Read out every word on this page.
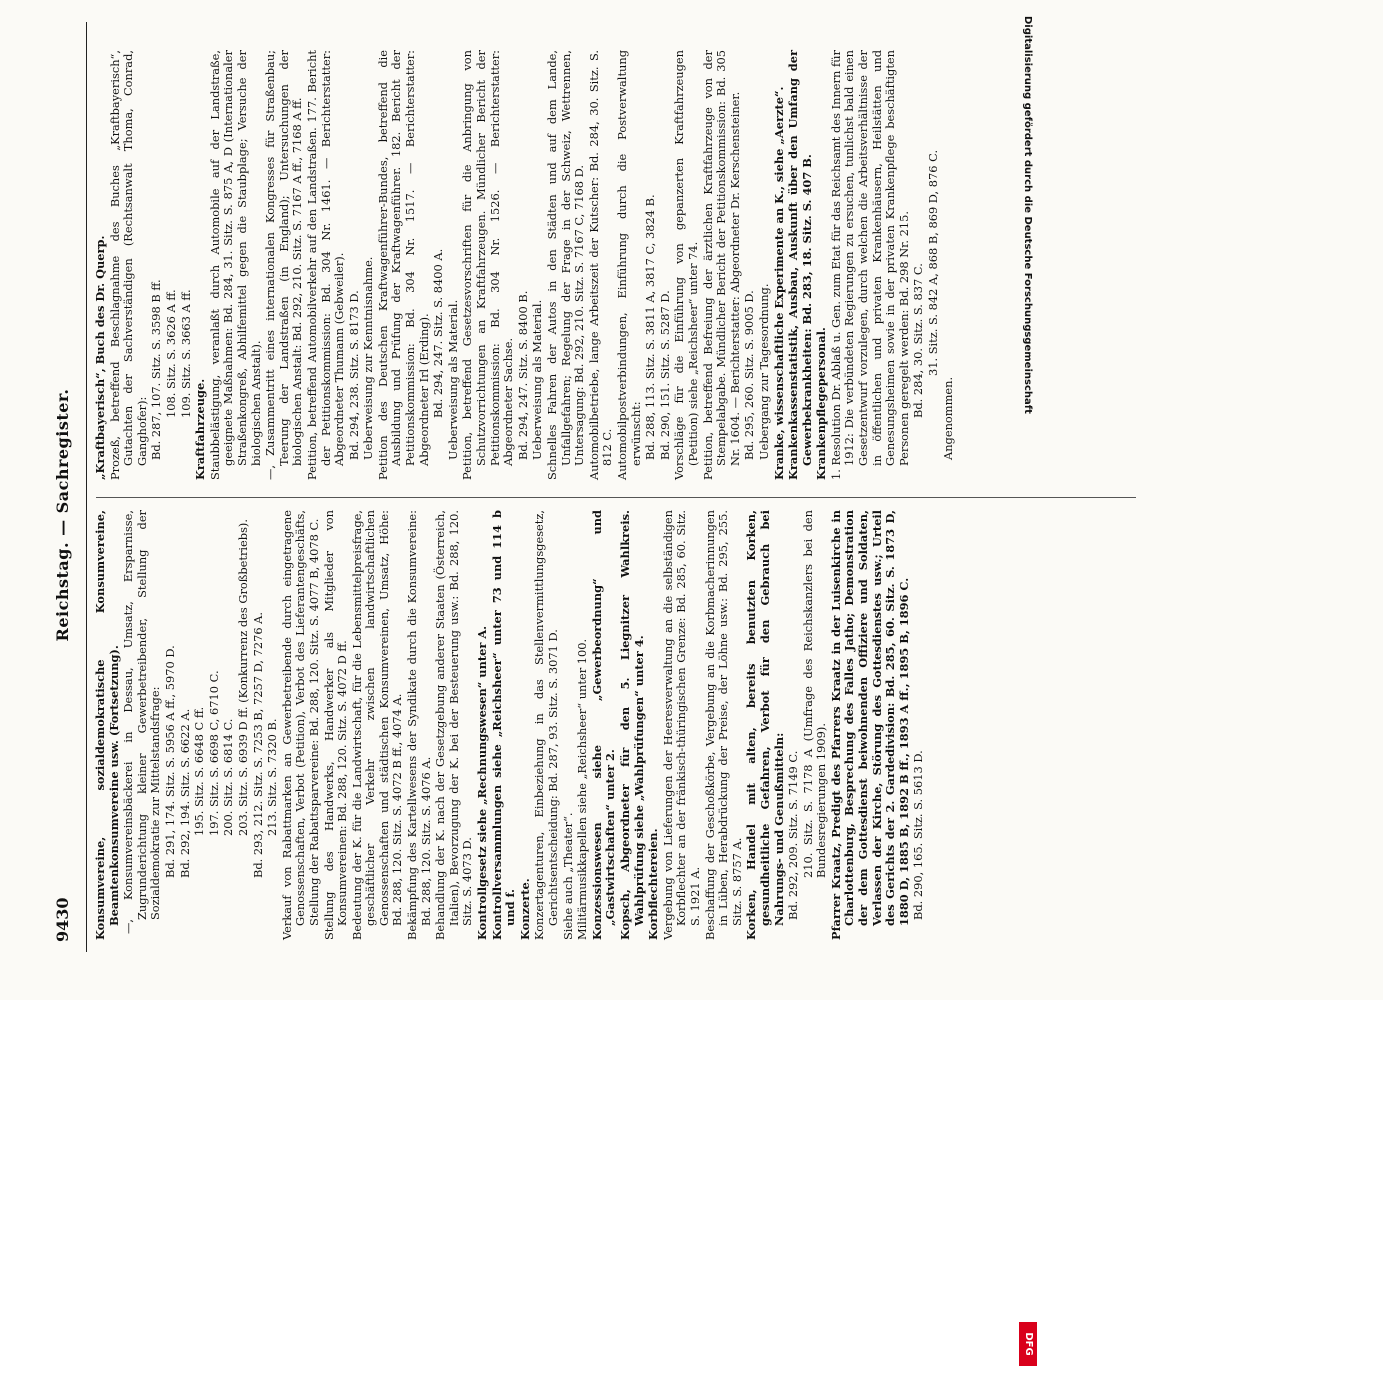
9430
Reichstag. — Sachregister. Konsumvereine, sozialdemokratische Konsumvereine, Beamtenkonsumvereine usw. (Fortsetzung). —, Konsumvereinsbäckerei in Dessau, Umsatz, Ersparnisse, Zugrunderichtung kleiner Gewerbetreibender, Stellung der Sozialdemokratie zur Mittelstandsfrage: Bd. 291, 174. Sitz. S. 5956 A ff., 5970 D. Bd. 292, 194. Sitz. S. 6622 A. 195. Sitz. S. 6648 C ff. 197. Sitz. S. 6698 C, 6710 C. 200. Sitz. S. 6814 C. 203. Sitz. S. 6939 D ff. (Konkurrenz des Großbetriebs). Bd. 293, 212. Sitz. S. 7253 B, 7257 D, 7276 A. 213. Sitz. S. 7320 B. Verkauf von Rabattmarken an Gewerbetreibende durch eingetragene Genossenschaften, Verbot (Petition), Verbot des Lieferantengeschäfts, Stellung der Rabattsparvereine: Bd. 288, 120. Sitz. S. 4077 B, 4078 C. Stellung des Handwerks, Handwerker als Mitglieder von Konsumvereinen: Bd. 288, 120. Sitz. S. 4072 D ff. Bedeutung der K. für die Landwirtschaft, für die Lebensmittelpreisfrage, geschäftlicher Verkehr zwischen landwirtschaftlichen Genossenschaften und städtischen Konsumvereinen, Umsatz, Höhe: Bd. 288, 120. Sitz. S. 4072 B ff., 4074 A. Bekämpfung des Kartellwesens der Syndikate durch die Konsumvereine: Bd. 288, 120. Sitz. S. 4076 A. Behandlung der K. nach der Gesetzgebung anderer Staaten (Österreich, Italien), Bevorzugung der K. bei der Besteuerung usw.: Bd. 288, 120. Sitz. S. 4073 D. Kontrollgesetz siehe „Rechnungswesen“ unter A. Kontrollversammlungen siehe „Reichsheer“ unter 73 und 114 b und f. Konzerte. Konzertagenturen, Einbeziehung in das Stellenvermittlungsgesetz, Gerichtsentscheidung: Bd. 287, 93. Sitz. S. 3071 D. Siehe auch „Theater“. Militärmusikkapellen siehe „Reichsheer“ unter 100. Konzessionswesen siehe „Gewerbeordnung“ und „Gastwirtschaften“ unter 2. Kopsch, Abgeordneter für den 5. Liegnitzer Wahlkreis. Wahlprüfung siehe „Wahlprüfungen“ unter 4. Korbflechtereien. Vergebung von Lieferungen der Heeresverwaltung an die selbständigen Korbflechter an der fränkisch-thüringischen Grenze: Bd. 285, 60. Sitz. S. 1921 A. Beschaffung der Geschoßkörbe, Vergebung an die Korbmacherinnungen in Lüben, Herabdrückung der Preise, der Löhne usw.: Bd. 295, 255. Sitz. S. 8757 A. Korken, Handel mit alten, bereits benutzten Korken, gesundheitliche Gefahren, Verbot für den Gebrauch bei Nahrungs- und Genußmitteln: Bd. 292, 209. Sitz. S. 7149 C. 210. Sitz. S. 7178 A (Umfrage des Reichskanzlers bei den Bundesregierungen 1909). Pfarrer Kraatz, Predigt des Pfarrers Kraatz in der Luisenkirche in Charlottenburg, Besprechung des Falles Jatho; Demonstration der dem Gottesdienst beiwohnenden Offiziere und Soldaten, Verlassen der Kirche, Störung des Gottesdienstes usw.; Urteil des Gerichts der 2. Gardedivision: Bd. 285, 60. Sitz. S. 1873 D, 1880 D, 1885 B, 1892 B ff., 1893 A ff., 1895 B, 1896 C. Bd. 290, 165. Sitz. S. 5613 D.

„Kraftbayerisch“, Buch des Dr. Querp. Prozeß, betreffend Beschlagnahme des Buches „Kraftbayerisch“, Gutachten der Sachverständigen (Rechtsanwalt Thoma, Conrad, Ganghofer): Bd. 287, 107. Sitz. S. 3598 B ff. 108. Sitz. S. 3626 A ff. 109. Sitz. S. 3663 A ff.

Kraftfahrzeuge. Staubbelästigung, veranlaßt durch Automobile auf der Landstraße, geeignete Maßnahmen: Bd. 284, 31. Sitz. S. 875 A, D (Internationaler Straßenkongreß, Abhilfemittel gegen die Staubplage; Versuche der biologischen Anstalt). —, Zusammentritt eines internationalen Kongresses für Straßenbau; Teerung der Landstraßen (in England); Untersuchungen der biologischen Anstalt: Bd. 292, 210. Sitz. S. 7167 A ff., 7168 A ff. Petition, betreffend Automobilverkehr auf den Landstraßen. 177. Bericht der Petitionskommission: Bd. 304 Nr. 1461. — Berichterstatter: Abgeordneter Thumann (Gebweiler). Bd. 294, 238. Sitz. S. 8173 D. Ueberweisung zur Kenntnisnahme. Petition des Deutschen Kraftwagenführer-Bundes, betreffend die Ausbildung und Prüfung der Kraftwagenführer. 182. Bericht der Petitionskommission: Bd. 304 Nr. 1517. — Berichterstatter: Abgeordneter Irl (Erding). Bd. 294, 247. Sitz. S. 8400 A. Ueberweisung als Material. Petition, betreffend Gesetzesvorschriften für die Anbringung von Schutzvorrichtungen an Kraftfahrzeugen. Mündlicher Bericht der Petitionskommission: Bd. 304 Nr. 1526. — Berichterstatter: Abgeordneter Sachse. Bd. 294, 247. Sitz. S. 8400 B. Ueberweisung als Material. Schnelles Fahren der Autos in den Städten und auf dem Lande, Unfallgefahren; Regelung der Frage in der Schweiz, Wettrennen, Untersagung: Bd. 292, 210. Sitz. S. 7167 C, 7168 D. Automobilbetriebe, lange Arbeitszeit der Kutscher: Bd. 284, 30. Sitz. S. 812 C. Automobilpostverbindungen, Einführung durch die Postverwaltung erwünscht: Bd. 288, 113. Sitz. S. 3811 A, 3817 C, 3824 B. Bd. 290, 151. Sitz. S. 5287 D. Vorschläge für die Einführung von gepanzerten Kraftfahrzeugen (Petition) siehe „Reichsheer“ unter 74. Petition, betreffend Befreiung der ärztlichen Kraftfahrzeuge von der Stempelabgabe. Mündlicher Bericht der Petitionskommission: Bd. 305 Nr. 1604. — Berichterstatter: Abgeordneter Dr. Kerschensteiner. Bd. 295, 260. Sitz. S. 9005 D. Uebergang zur Tagesordnung. Kranke, wissenschaftliche Experimente an K., siehe „Aerzte“. Krankenkassenstatistik, Ausbau, Auskunft über den Umfang der Gewerbekrankheiten: Bd. 283, 18. Sitz. S. 407 B. Krankenpflegepersonal. 1. Resolution Dr. Ablaß u. Gen. zum Etat für das Reichsamt des Innern für 1912: Die verbündeten Regierungen zu ersuchen, tunlichst bald einen Gesetzentwurf vorzulegen, durch welchen die Arbeitsverhältnisse der in öffentlichen und privaten Krankenhäusern, Heilstätten und Genesungsheimen sowie in der privaten Krankenpflege beschäftigten Personen geregelt werden: Bd. 298 Nr. 215. Bd. 284, 30. Sitz. S. 837 C. 31. Sitz. S. 842 A, 868 B, 869 D, 876 C.

Angenommen.

Digitalisierung gefördert durch die Deutsche Forschungsgemeinschaft
DFG
